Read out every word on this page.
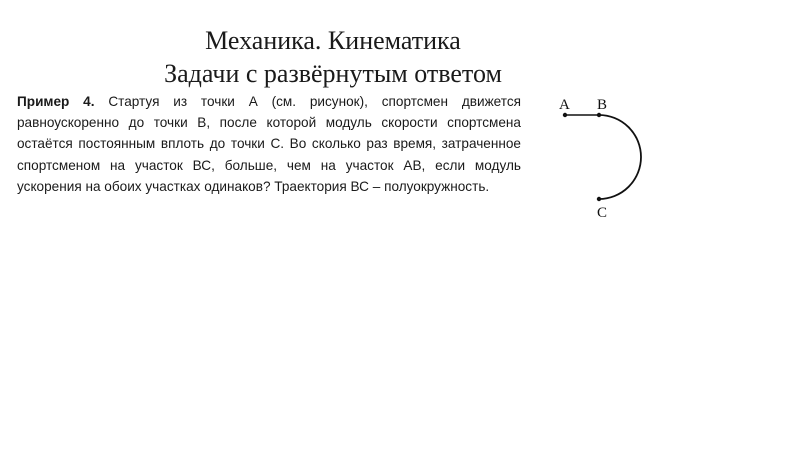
Механика. Кинематика
Задачи с развёрнутым ответом

Пример 4. Стартуя из точки А (см. рисунок), спортсмен движется равноускоренно до точки В, после которой модуль скорости спортсмена остаётся постоянным вплоть до точки С. Во сколько раз время, затраченное спортсменом на участок ВС, больше, чем на участок АВ, если модуль ускорения на обоих участках одинаков? Траектория ВС – полуокружность.

A B
C
